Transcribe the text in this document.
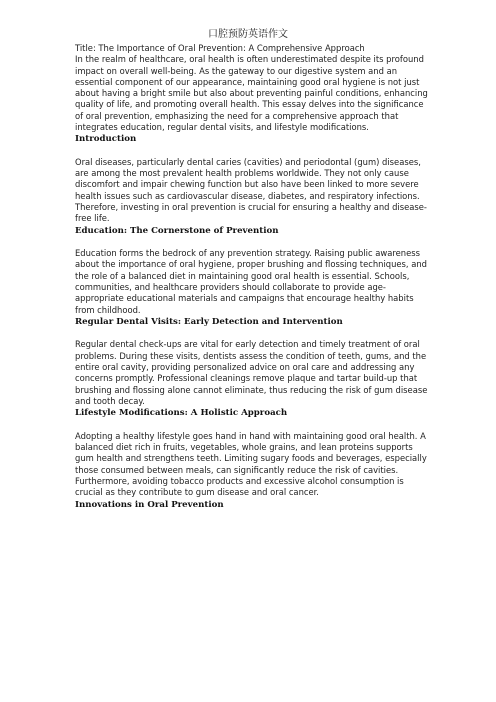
口腔预防英语作文

Title: The Importance of Oral Prevention: A Comprehensive Approach

In the realm of healthcare, oral health is often underestimated despite its profound impact on overall well-being. As the gateway to our digestive system and an essential component of our appearance, maintaining good oral hygiene is not just about having a bright smile but also about preventing painful conditions, enhancing quality of life, and promoting overall health. This essay delves into the significance of oral prevention, emphasizing the need for a comprehensive approach that integrates education, regular dental visits, and lifestyle modifications.

Introduction

Oral diseases, particularly dental caries (cavities) and periodontal (gum) diseases, are among the most prevalent health problems worldwide. They not only cause discomfort and impair chewing function but also have been linked to more severe health issues such as cardiovascular disease, diabetes, and respiratory infections. Therefore, investing in oral prevention is crucial for ensuring a healthy and disease-free life.

Education: The Cornerstone of Prevention

Education forms the bedrock of any prevention strategy. Raising public awareness about the importance of oral hygiene, proper brushing and flossing techniques, and the role of a balanced diet in maintaining good oral health is essential. Schools, communities, and healthcare providers should collaborate to provide age-appropriate educational materials and campaigns that encourage healthy habits from childhood.

Regular Dental Visits: Early Detection and Intervention

Regular dental check-ups are vital for early detection and timely treatment of oral problems. During these visits, dentists assess the condition of teeth, gums, and the entire oral cavity, providing personalized advice on oral care and addressing any concerns promptly. Professional cleanings remove plaque and tartar build-up that brushing and flossing alone cannot eliminate, thus reducing the risk of gum disease and tooth decay.

Lifestyle Modifications: A Holistic Approach

Adopting a healthy lifestyle goes hand in hand with maintaining good oral health. A balanced diet rich in fruits, vegetables, whole grains, and lean proteins supports gum health and strengthens teeth. Limiting sugary foods and beverages, especially those consumed between meals, can significantly reduce the risk of cavities. Furthermore, avoiding tobacco products and excessive alcohol consumption is crucial as they contribute to gum disease and oral cancer.

Innovations in Oral Prevention
